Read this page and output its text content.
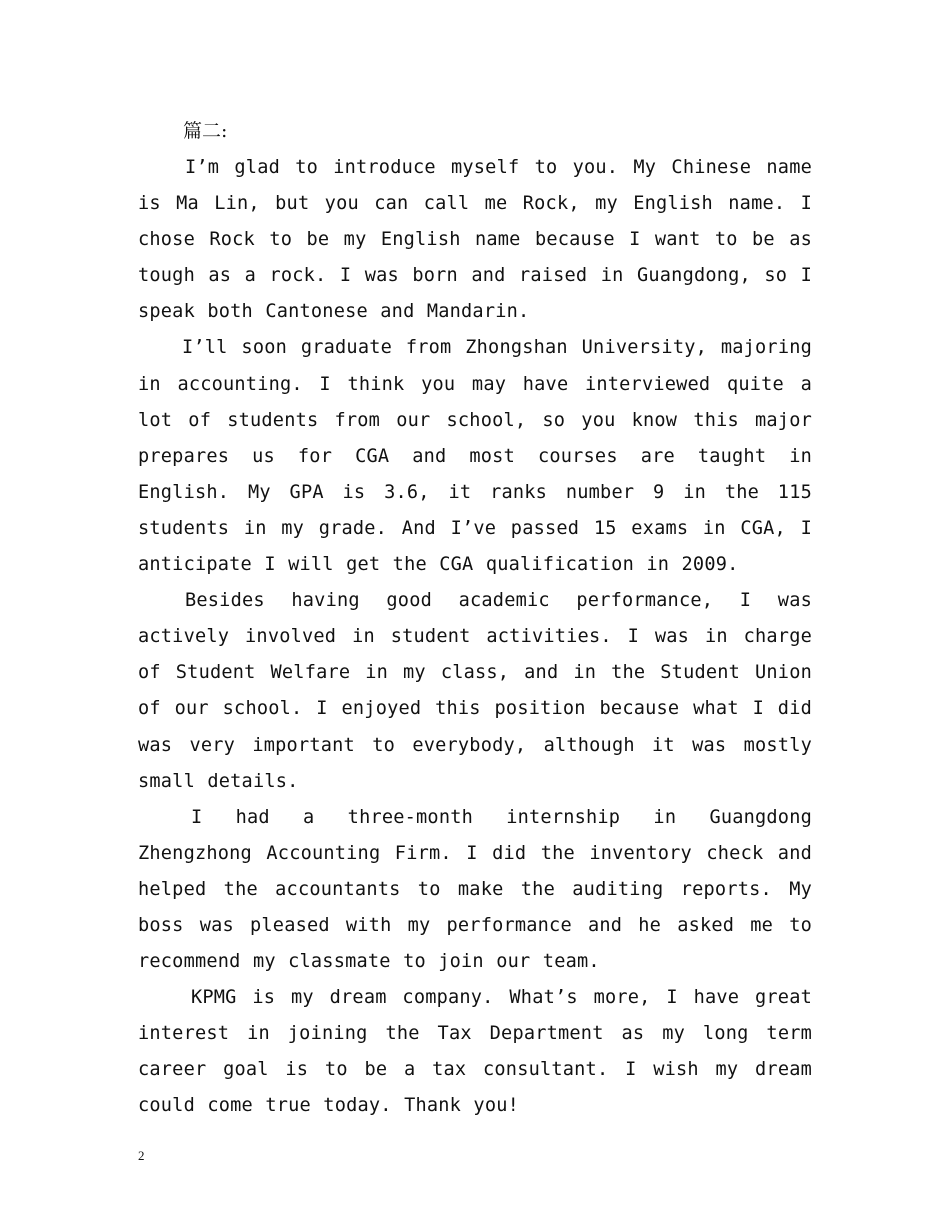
篇二:

I’m glad to introduce myself to you. My Chinese name is Ma Lin, but you can call me Rock, my English name. I chose Rock to be my English name because I want to be as tough as a rock. I was born and raised in Guangdong, so I speak both Cantonese and Mandarin.

I’ll soon graduate from Zhongshan University, majoring in accounting. I think you may have interviewed quite a lot of students from our school, so you know this major prepares us for CGA and most courses are taught in English. My GPA is 3.6, it ranks number 9 in the 115 students in my grade. And I’ve passed 15 exams in CGA, I anticipate I will get the CGA qualification in 2009.

Besides having good academic performance, I was actively involved in student activities. I was in charge of Student Welfare in my class, and in the Student Union of our school. I enjoyed this position because what I did was very important to everybody, although it was mostly small details.

I had a three-month internship in Guangdong Zhengzhong Accounting Firm. I did the inventory check and helped the accountants to make the auditing reports. My boss was pleased with my performance and he asked me to recommend my classmate to join our team.

KPMG is my dream company. What’s more, I have great interest in joining the Tax Department as my long term career goal is to be a tax consultant. I wish my dream could come true today. Thank you!

2
